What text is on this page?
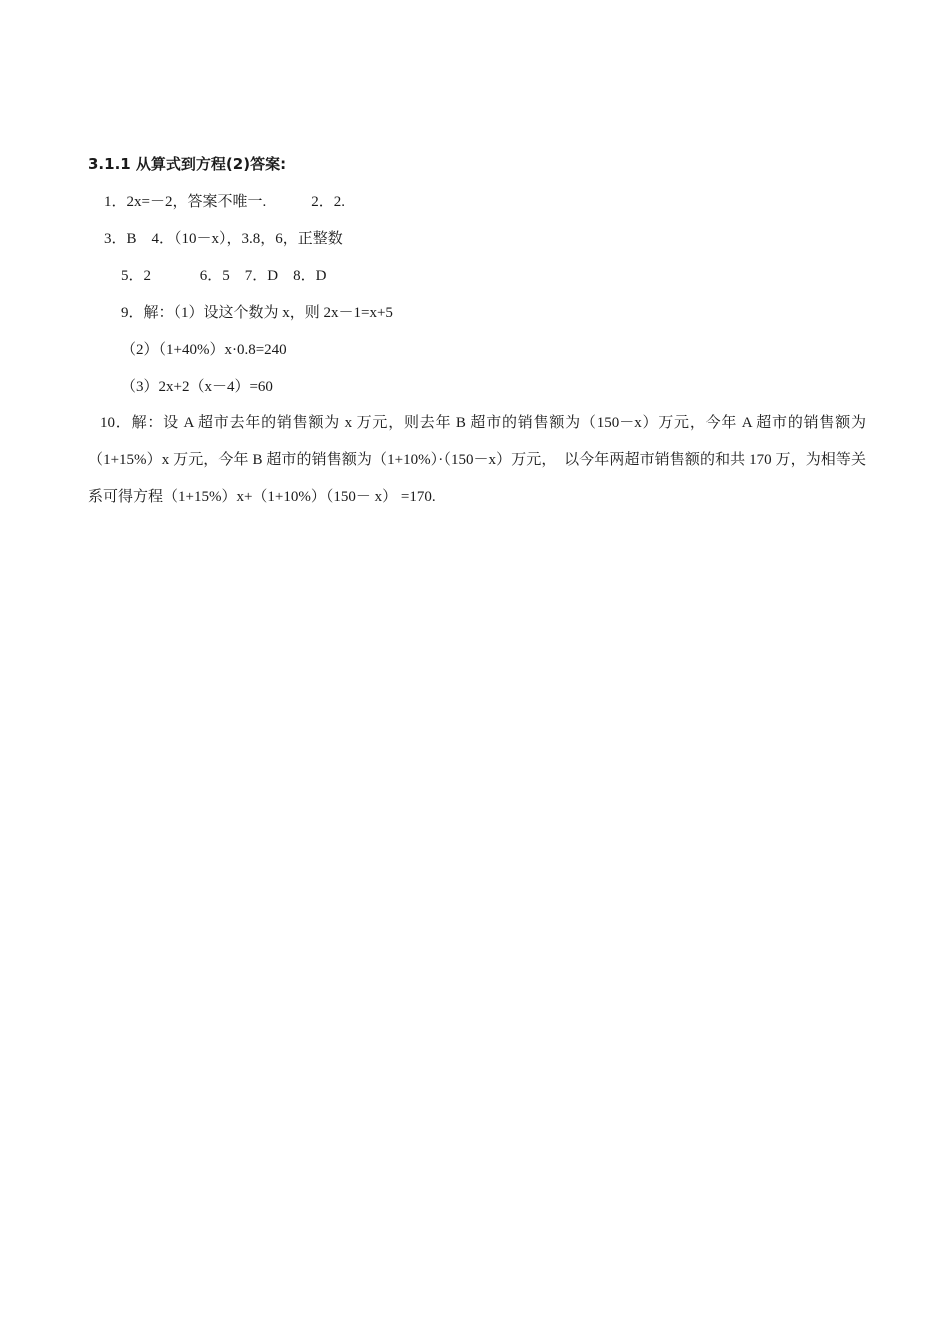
3.1.1 从算式到方程(2)答案:
1．2x=－2，答案不唯一.            2．2.
3．B    4．（10－x），3.8，6，正整数
5．2             6．5    7．D    8．D
9．解：（1）设这个数为 x，则 2x－1=x+5
（2）（1+40%）x·0.8=240
（3）2x+2（x－4）=60
10．解：设 A 超市去年的销售额为 x 万元，则去年 B 超市的销售额为（150－x）万元，今年 A 超市的销售额为（1+15%）x 万元，今年 B 超市的销售额为（1+10%）·（150－x）万元，　以今年两超市销售额的和共 170 万，为相等关系可得方程（1+15%）x+（1+10%）（150－ x） =170.
